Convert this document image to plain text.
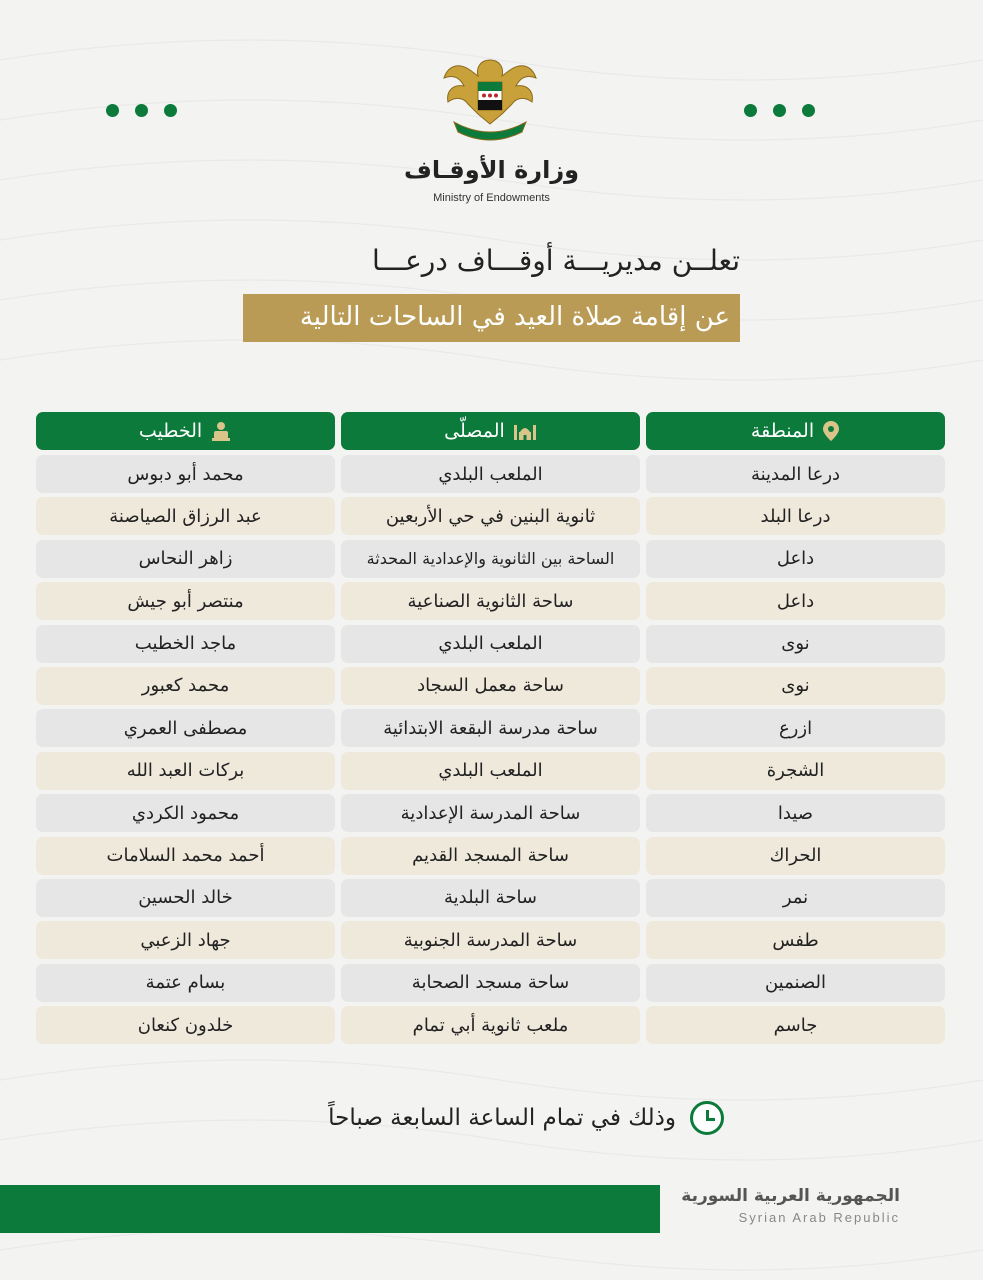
وزارة الأوقـاف
Ministry of Endowments
تعلــن مديريـــة أوقـــاف درعـــا
عن إقامة صلاة العيد في الساحات التالية
الخطيب	المصلّى	المنطقة
محمد أبو دبوس	الملعب البلدي	درعا المدينة
عبد الرزاق الصياصنة	ثانوية البنين في حي الأربعين	درعا البلد
زاهر النحاس	الساحة بين الثانوية والإعدادية المحدثة	داعل
منتصر أبو جيش	ساحة الثانوية الصناعية	داعل
ماجد الخطيب	الملعب البلدي	نوى
محمد كعبور	ساحة معمل السجاد	نوى
مصطفى العمري	ساحة مدرسة البقعة الابتدائية	ازرع
بركات العبد الله	الملعب البلدي	الشجرة
محمود الكردي	ساحة المدرسة الإعدادية	صيدا
أحمد محمد السلامات	ساحة المسجد القديم	الحراك
خالد الحسين	ساحة البلدية	نمر
جهاد الزعبي	ساحة المدرسة الجنوبية	طفس
بسام عتمة	ساحة مسجد الصحابة	الصنمين
خلدون كنعان	ملعب ثانوية أبي تمام	جاسم
وذلك في تمام الساعة السابعة صباحاً
الجمهورية العربية السورية
Syrian Arab Republic
